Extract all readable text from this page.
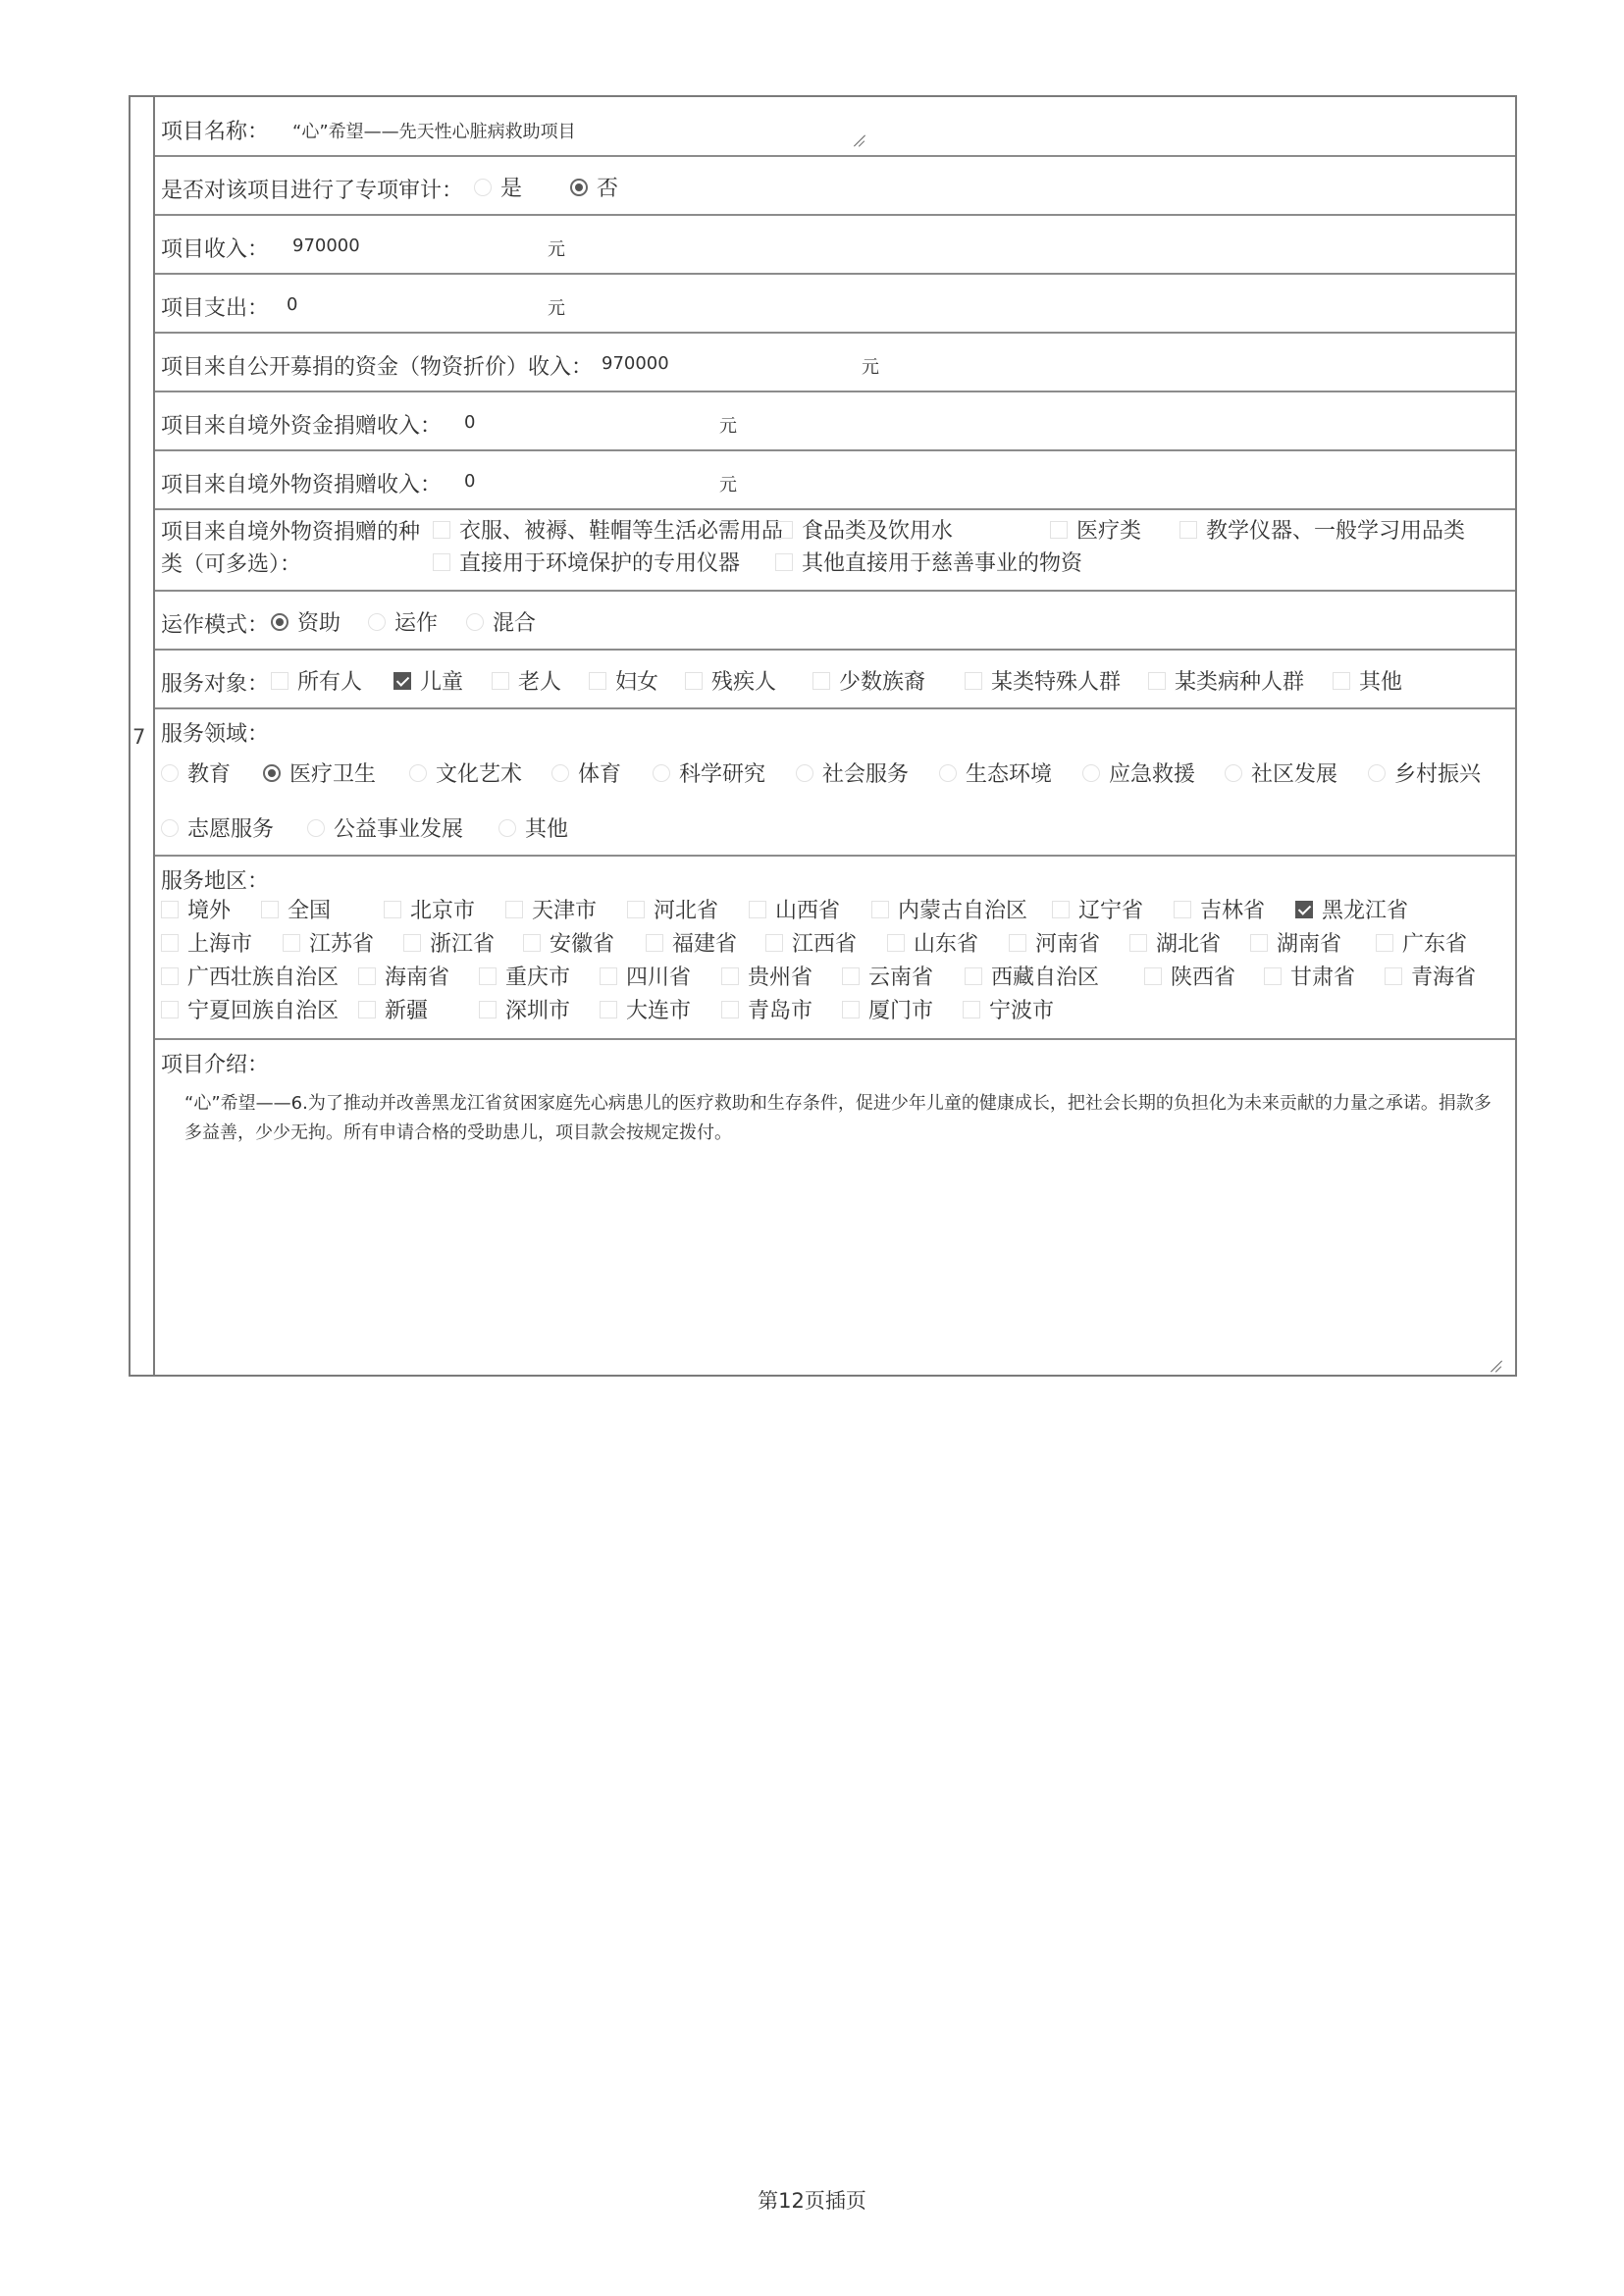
7
项目名称： “心”希望——先天性心脏病救助项目
是否对该项目进行了专项审计： 是	否
项目收入： 970000	元
项目支出： 0	元
项目来自公开募捐的资金（物资折价）收入： 970000	元
项目来自境外资金捐赠收入： 0	元
项目来自境外物资捐赠收入： 0	元
项目来自境外物资捐赠的种
类（可多选）：
衣服、被褥、鞋帽等生活必需用品 食品类及饮用水	医疗类	教学仪器、一般学习用品类
直接用于环境保护的专用仪器	其他直接用于慈善事业的物资
运作模式： 资助 运作	混合
服务对象： 所有人	儿童	老人 妇女 残疾人	少数族裔	某类特殊人群 某类病种人群	其他
服务领域：
教育	医疗卫生	文化艺术	体育	科学研究	社会服务	生态环境	应急救援	社区发展	乡村振兴
志愿服务	公益事业发展	其他
服务地区：
境外	全国	北京市	天津市	河北省	山西省	内蒙古自治区 辽宁省	吉林省	黑龙江省
上海市	江苏省	浙江省	安徽省	福建省	江西省	山东省	河南省	湖北省	湖南省	广东省
广西壮族自治区 海南省	重庆市	四川省	贵州省	云南省	西藏自治区	陕西省	甘肃省	青海省
宁夏回族自治区 新疆	深圳市	大连市	青岛市	厦门市	宁波市
项目介绍：
“心”希望——6.为了推动并改善黑龙江省贫困家庭先心病患儿的医疗救助和生存条件，促进少年儿童的健康成长，把社会长期的负担化为未来贡献的力量之承诺。捐款多多益善，少少无拘。所有申请合格的受助患儿，项目款会按规定拨付。
第12页插页
